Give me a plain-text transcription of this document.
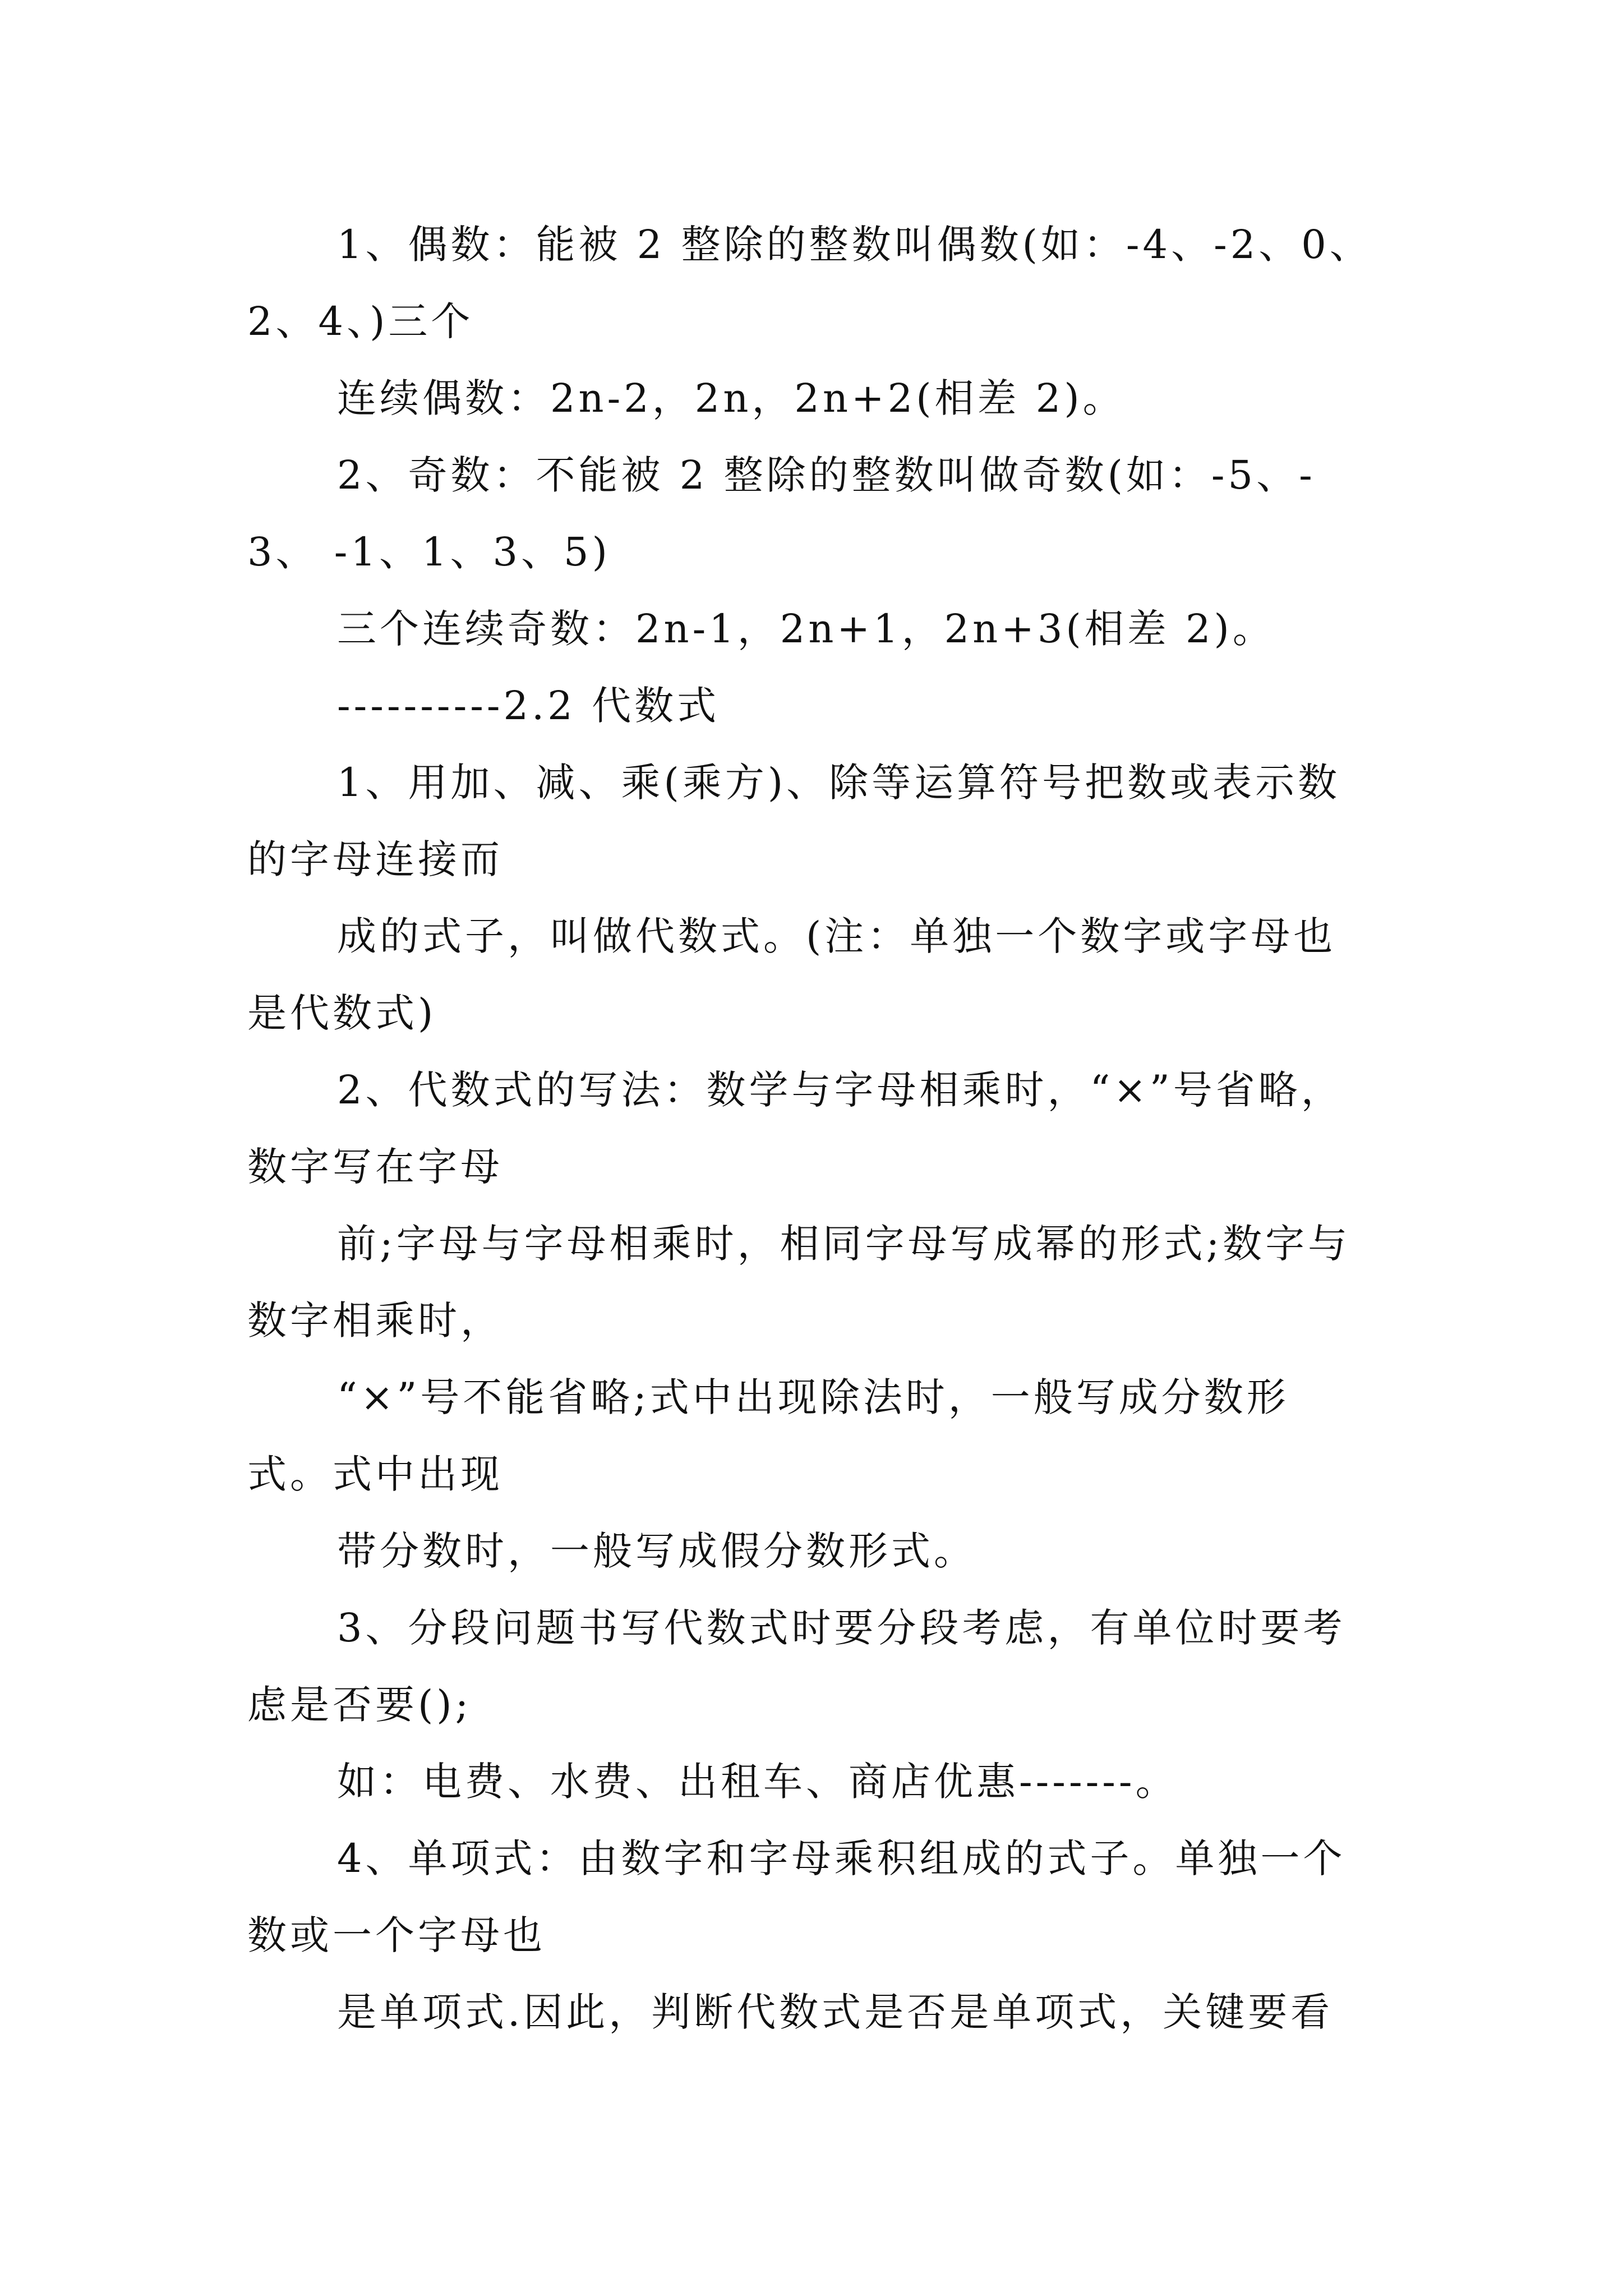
1、偶数：能被 2 整除的整数叫偶数(如：-4、-2、0、 2、4、)三个

连续偶数：2n-2，2n，2n+2(相差 2)。

2、奇数：不能被 2 整除的整数叫做奇数(如：-5、-3、 -1、1、3、5)

三个连续奇数：2n-1，2n+1，2n+3(相差 2)。

----------2.2 代数式

1、用加、减、乘(乘方)、除等运算符号把数或表示数 的字母连接而

成的式子，叫做代数式。(注：单独一个数字或字母也 是代数式)

2、代数式的写法：数学与字母相乘时，“×”号省略， 数字写在字母

前;字母与字母相乘时，相同字母写成幂的形式;数字与 数字相乘时，

“×”号不能省略;式中出现除法时，一般写成分数形 式。式中出现

带分数时，一般写成假分数形式。

3、分段问题书写代数式时要分段考虑，有单位时要考 虑是否要();

如：电费、水费、出租车、商店优惠-------。

4、单项式：由数字和字母乘积组成的式子。单独一个 数或一个字母也

是单项式.因此，判断代数式是否是单项式，关键要看
